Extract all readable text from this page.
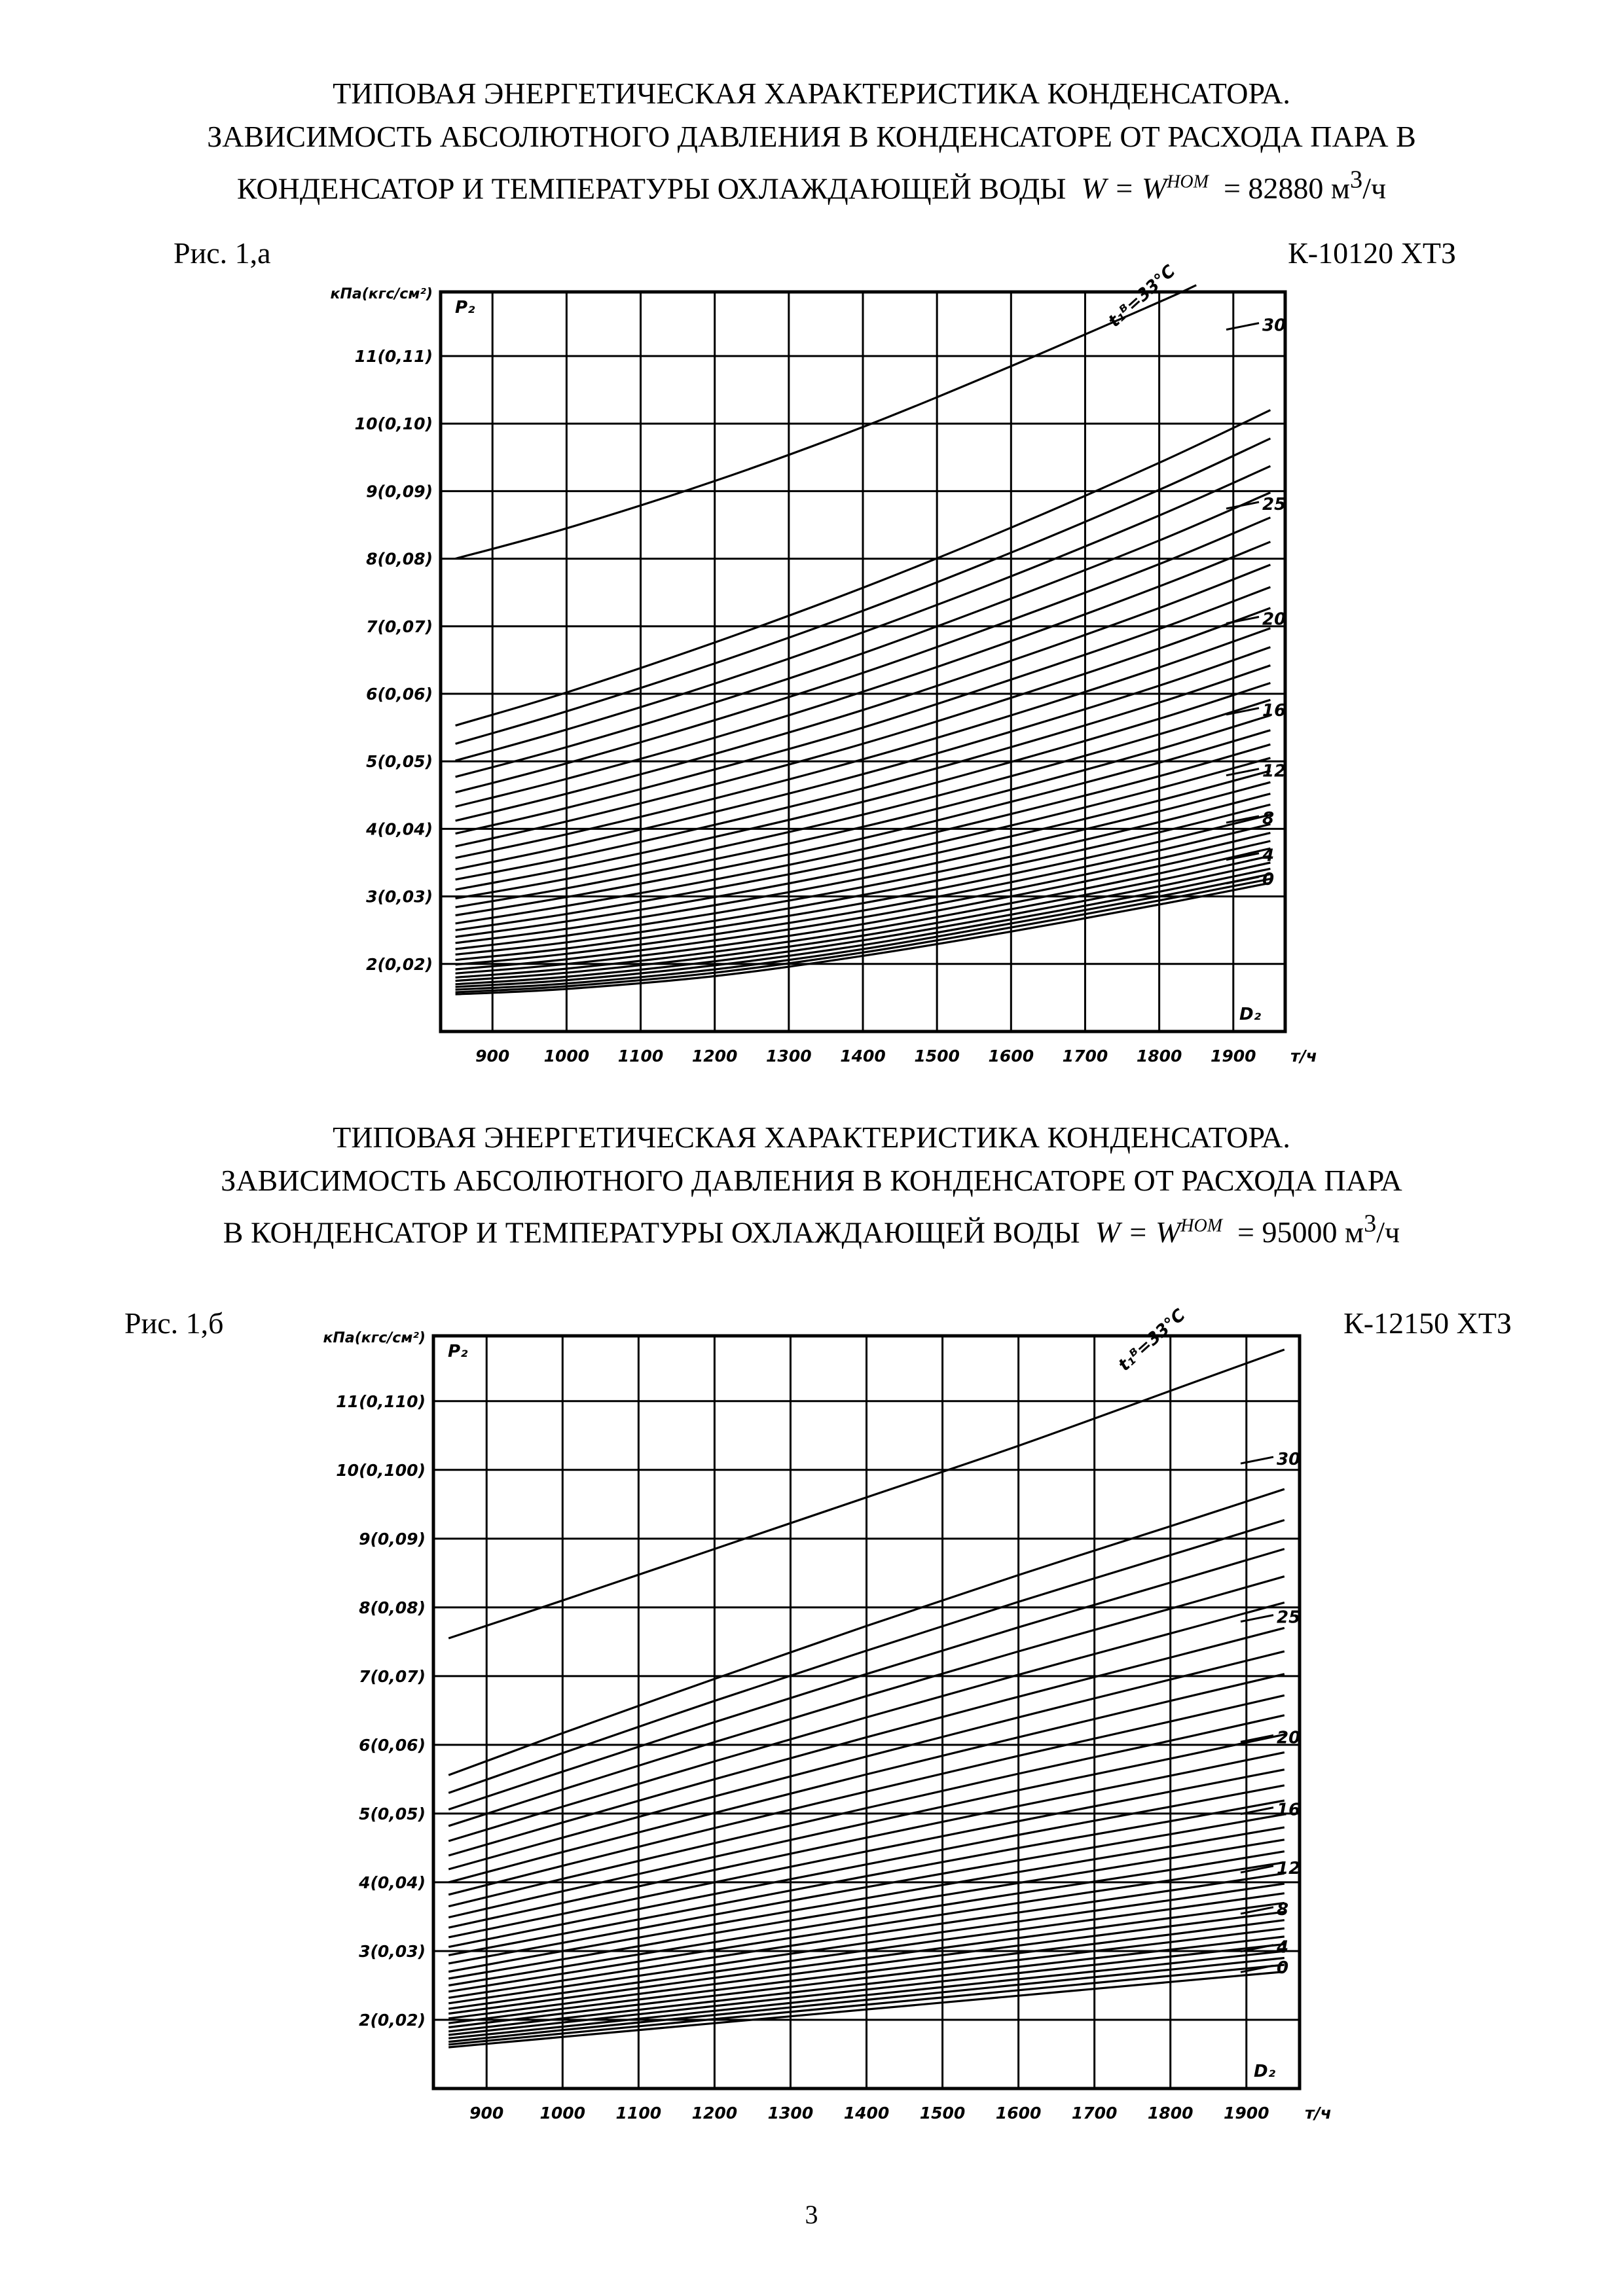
ТИПОВАЯ ЭНЕРГЕТИЧЕСКАЯ ХАРАКТЕРИСТИКА КОНДЕНСАТОРА.
ЗАВИСИМОСТЬ АБСОЛЮТНОГО ДАВЛЕНИЯ В КОНДЕНСАТОРЕ ОТ РАСХОДА ПАРА В
КОНДЕНСАТОР И ТЕМПЕРАТУРЫ ОХЛАЖДАЮЩЕЙ ВОДЫ $W = W^{НОМ} = 82880$ $м^3/ч$
Рис. 1,а	К-10120 ХТЗ
900 1000 1100 1200 1300 1400 1500 1600 1700 1800 1900
2(0,02)
3(0,03)
4(0,04)
5(0,05)
6(0,06)
7(0,07)
8(0,08)
9(0,09)
10(0,10)
11(0,11)
кПа(кгс/см²)
P₂
D₂
т/ч
30
25
20
16
12
8
4
0
t₁ᴮ=33°C
ТИПОВАЯ ЭНЕРГЕТИЧЕСКАЯ ХАРАКТЕРИСТИКА КОНДЕНСАТОРА.
ЗАВИСИМОСТЬ АБСОЛЮТНОГО ДАВЛЕНИЯ В КОНДЕНСАТОРЕ ОТ РАСХОДА ПАРА
В КОНДЕНСАТОР И ТЕМПЕРАТУРЫ ОХЛАЖДАЮЩЕЙ ВОДЫ $W = W^{НОМ} = 95000$ $м^3/ч$
Рис. 1,б	К-12150 ХТЗ
900 1000 1100 1200 1300 1400 1500 1600 1700 1800 1900
2(0,02)
3(0,03)
4(0,04)
5(0,05)
6(0,06)
7(0,07)
8(0,08)
9(0,09)
10(0,100)
11(0,110)
кПа(кгс/см²)
P₂
D₂
т/ч
30
25
20
16
12
8
4
0
t₁ᴮ=33°C
3
